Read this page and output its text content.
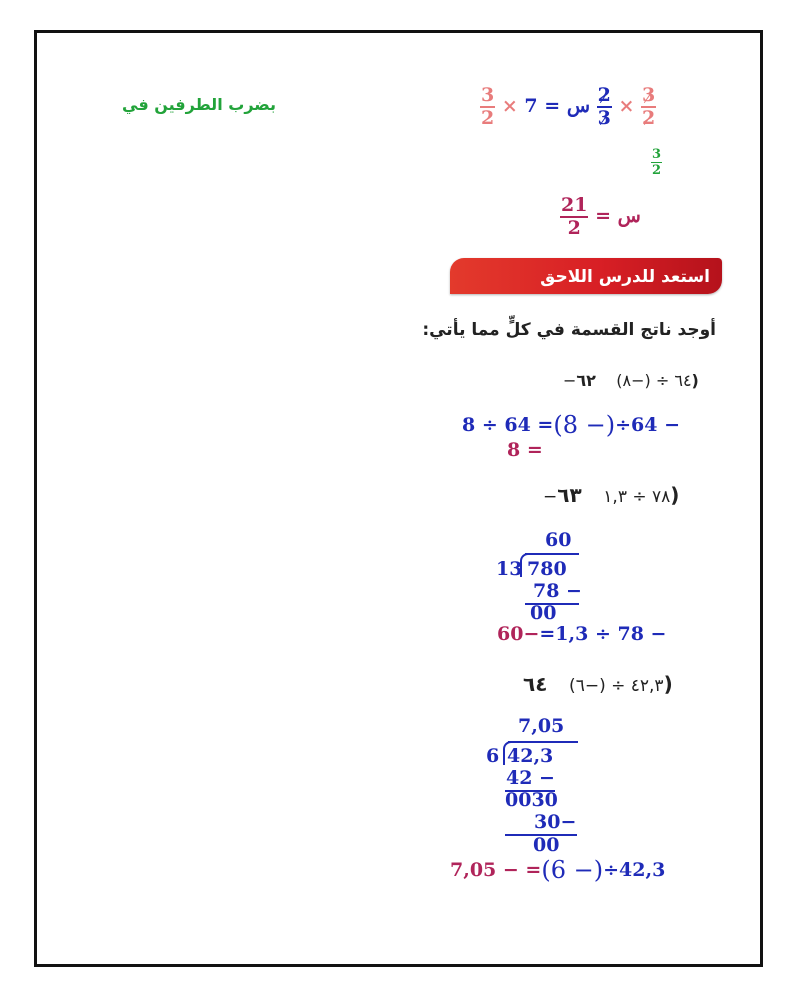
بضرب الطرفين في	$\frac{3}{2} \times 7$ = س $\frac{2}{3} \times \frac{3}{2}$
$\frac{3}{2}$
$\frac{21}{2}$ = س
استعد للدرس اللاحق
أوجد ناتج القسمة في كلٍّ مما يأتي:
−٦٤ ÷ (−٨)    ٦٢)
8 ÷ 64 =(8 −)÷64 −
8 =
−٧٨ ÷ ١,٣    ٦٣)
60
13 780
78 −
00
60−=1,3 ÷ 78 −
٤٢,٣ ÷ (−٦)    ٦٤)
7,05
6 42,3
42 −
0030
30−
00
7,05 − =(6 −)÷42,3
